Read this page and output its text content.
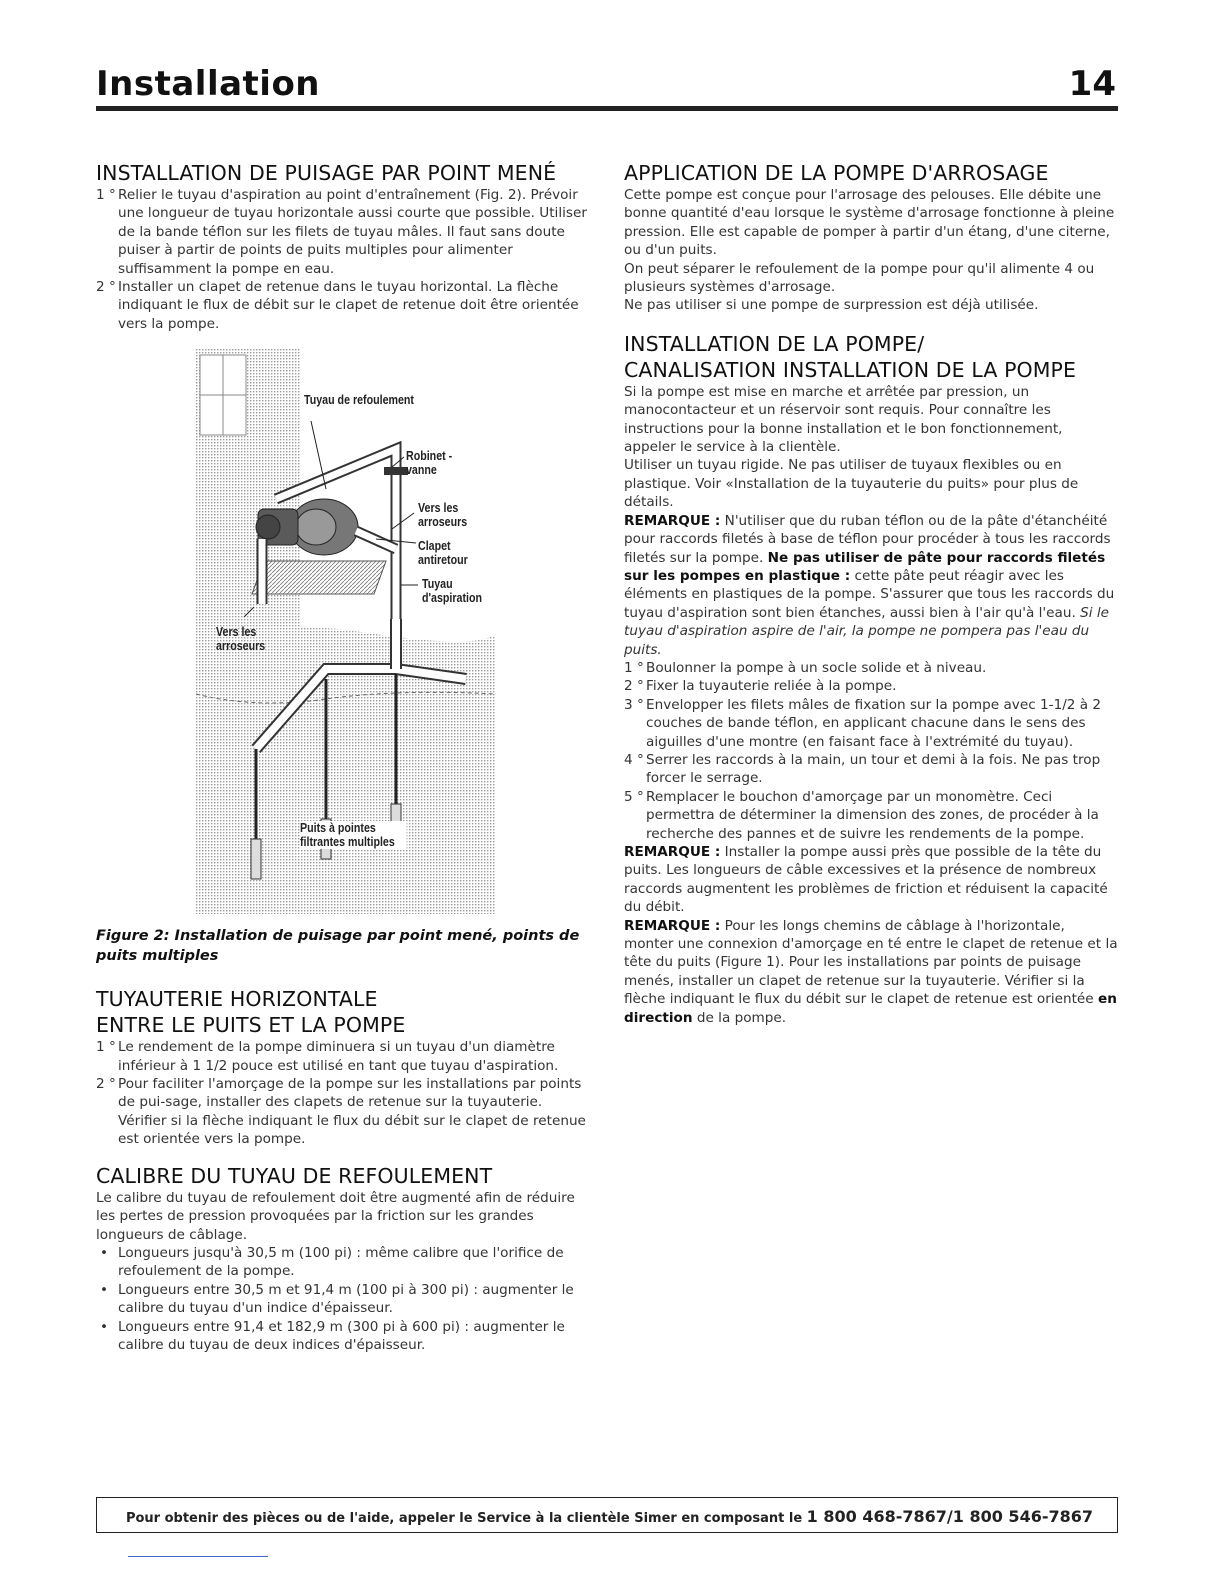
Installation	14
INSTALLATION DE PUISAGE PAR POINT MENÉ
1 ° Relier le tuyau d'aspiration au point d'entraînement (Fig. 2). Prévoir une longueur de tuyau horizontale aussi courte que possible. Utiliser de la bande téflon sur les filets de tuyau mâles. Il faut sans doute puiser à partir de points de puits multiples pour alimenter suffisamment la pompe en eau.
2 ° Installer un clapet de retenue dans le tuyau horizontal. La flèche indiquant le flux de débit sur le clapet de retenue doit être orientée vers la pompe.
Tuyau de refoulement
Robinet -vanne
Vers les arroseurs
Clapet antiretour
Tuyau d'aspiration
Vers les arroseurs
Puits à pointes filtrantes multiples
Figure 2: Installation de puisage par point mené, points de puits multiples
TUYAUTERIE HORIZONTALE
ENTRE LE PUITS ET LA POMPE
1 ° Le rendement de la pompe diminuera si un tuyau d'un diamètre inférieur à 1 1/2 pouce est utilisé en tant que tuyau d'aspiration.
2 ° Pour faciliter l'amorçage de la pompe sur les installations par points de pui-sage, installer des clapets de retenue sur la tuyauterie. Vérifier si la flèche indiquant le flux du débit sur le clapet de retenue est orientée vers la pompe.
CALIBRE DU TUYAU DE REFOULEMENT

Le calibre du tuyau de refoulement doit être augmenté afin de réduire les pertes de pression provoquées par la friction sur les grandes longueurs de câblage.

• Longueurs jusqu'à 30,5 m (100 pi) : même calibre que l'orifice de refoulement de la pompe.
• Longueurs entre 30,5 m et 91,4 m (100 pi à 300 pi) : augmenter le calibre du tuyau d'un indice d'épaisseur.
• Longueurs entre 91,4 et 182,9 m (300 pi à 600 pi) : augmenter le calibre du tuyau de deux indices d'épaisseur.
APPLICATION DE LA POMPE D'ARROSAGE

Cette pompe est conçue pour l'arrosage des pelouses. Elle débite une bonne quantité d'eau lorsque le système d'arrosage fonctionne à pleine pression. Elle est capable de pomper à partir d'un étang, d'une citerne, ou d'un puits.

On peut séparer le refoulement de la pompe pour qu'il alimente 4 ou plusieurs systèmes d'arrosage.

Ne pas utiliser si une pompe de surpression est déjà utilisée.

INSTALLATION DE LA POMPE/
CANALISATION INSTALLATION DE LA POMPE

Si la pompe est mise en marche et arrêtée par pression, un manocontacteur et un réservoir sont requis. Pour connaître les instructions pour la bonne installation et le bon fonctionnement, appeler le service à la clientèle.

Utiliser un tuyau rigide. Ne pas utiliser de tuyaux flexibles ou en plastique. Voir «Installation de la tuyauterie du puits» pour plus de détails.

REMARQUE : N'utiliser que du ruban téflon ou de la pâte d'étanchéité pour raccords filetés à base de téflon pour procéder à tous les raccords filetés sur la pompe. Ne pas utiliser de pâte pour raccords filetés sur les pompes en plastique : cette pâte peut réagir avec les éléments en plastiques de la pompe. S'assurer que tous les raccords du tuyau d'aspiration sont bien étanches, aussi bien à l'air qu'à l'eau. Si le tuyau d'aspiration aspire de l'air, la pompe ne pompera pas l'eau du puits.

1 ° Boulonner la pompe à un socle solide et à niveau.
2 ° Fixer la tuyauterie reliée à la pompe.
3 ° Envelopper les filets mâles de fixation sur la pompe avec 1-1/2 à 2 couches de bande téflon, en applicant chacune dans le sens des aiguilles d'une montre (en faisant face à l'extrémité du tuyau).
4 ° Serrer les raccords à la main, un tour et demi à la fois. Ne pas trop forcer le serrage.
5 ° Remplacer le bouchon d'amorçage par un monomètre. Ceci permettra de déterminer la dimension des zones, de procéder à la recherche des pannes et de suivre les rendements de la pompe.

REMARQUE : Installer la pompe aussi près que possible de la tête du puits. Les longueurs de câble excessives et la présence de nombreux raccords augmentent les problèmes de friction et réduisent la capacité du débit.

REMARQUE : Pour les longs chemins de câblage à l'horizontale, monter une connexion d'amorçage en té entre le clapet de retenue et la tête du puits (Figure 1). Pour les installations par points de puisage menés, installer un clapet de retenue sur la tuyauterie. Vérifier si la flèche indiquant le flux du débit sur le clapet de retenue est orientée en direction de la pompe.

Pour obtenir des pièces ou de l'aide, appeler le Service à la clientèle Simer en composant le 1 800 468-7867/1 800 546-7867
